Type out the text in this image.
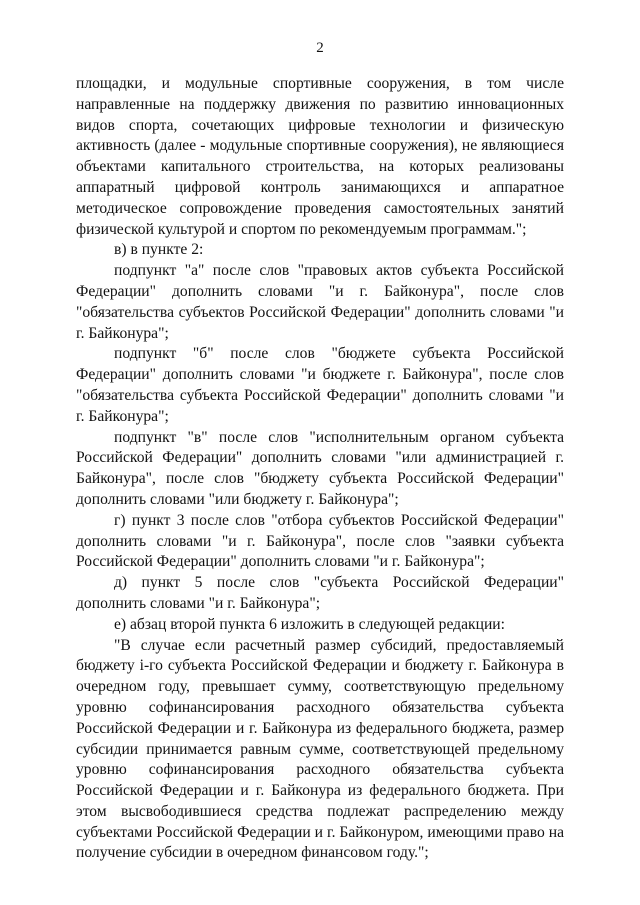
2

площадки, и модульные спортивные сооружения, в том числе направленные на поддержку движения по развитию инновационных видов спорта, сочетающих цифровые технологии и физическую активность (далее - модульные спортивные сооружения), не являющиеся объектами капитального строительства, на которых реализованы аппаратный цифровой контроль занимающихся и аппаратное методическое сопровождение проведения самостоятельных занятий физической культурой и спортом по рекомендуемым программам.";

в) в пункте 2:

подпункт "а" после слов "правовых актов субъекта Российской Федерации" дополнить словами "и г. Байконура", после слов "обязательства субъектов Российской Федерации" дополнить словами "и г. Байконура";

подпункт "б" после слов "бюджете субъекта Российской Федерации" дополнить словами "и бюджете г. Байконура", после слов "обязательства субъекта Российской Федерации" дополнить словами "и г. Байконура";

подпункт "в" после слов "исполнительным органом субъекта Российской Федерации" дополнить словами "или администрацией г. Байконура", после слов "бюджету субъекта Российской Федерации" дополнить словами "или бюджету г. Байконура";

г) пункт 3 после слов "отбора субъектов Российской Федерации" дополнить словами "и г. Байконура", после слов "заявки субъекта Российской Федерации" дополнить словами "и г. Байконура";

д) пункт 5 после слов "субъекта Российской Федерации" дополнить словами "и г. Байконура";

е) абзац второй пункта 6 изложить в следующей редакции:

"В случае если расчетный размер субсидий, предоставляемый бюджету i-го субъекта Российской Федерации и бюджету г. Байконура в очередном году, превышает сумму, соответствующую предельному уровню софинансирования расходного обязательства субъекта Российской Федерации и г. Байконура из федерального бюджета, размер субсидии принимается равным сумме, соответствующей предельному уровню софинансирования расходного обязательства субъекта Российской Федерации и г. Байконура из федерального бюджета. При этом высвободившиеся средства подлежат распределению между субъектами Российской Федерации и г. Байконуром, имеющими право на получение субсидии в очередном финансовом году.";
